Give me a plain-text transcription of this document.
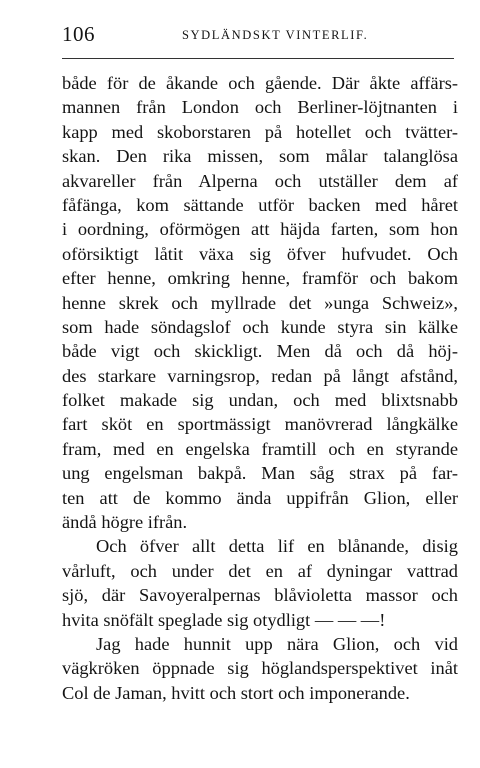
106	SYDLÄNDSKT VINTERLIF.

både för de åkande och gående. Där åkte affärs-
mannen från London och Berliner-löjtnanten i
kapp med skoborstaren på hotellet och tvätter-
skan. Den rika missen, som målar talanglösa
akvareller från Alperna och utställer dem af
fåfänga, kom sättande utför backen med håret
i oordning, oförmögen att häjda farten, som hon
oförsiktigt låtit växa sig öfver hufvudet. Och
efter henne, omkring henne, framför och bakom
henne skrek och myllrade det »unga Schweiz»,
som hade söndagslof och kunde styra sin kälke
både vigt och skickligt. Men då och då höj-
des starkare varningsrop, redan på långt afstånd,
folket makade sig undan, och med blixtsnabb
fart sköt en sportmässigt manövrerad långkälke
fram, med en engelska framtill och en styrande
ung engelsman bakpå. Man såg strax på far-
ten att de kommo ända uppifrån Glion, eller
ändå högre ifrån.

Och öfver allt detta lif en blånande, disig
vårluft, och under det en af dyningar vattrad
sjö, där Savoyeralpernas blåvioletta massor och
hvita snöfält speglade sig otydligt — — —!

Jag hade hunnit upp nära Glion, och vid
vägkröken öppnade sig höglandsperspektivet inåt
Col de Jaman, hvitt och stort och imponerande.
